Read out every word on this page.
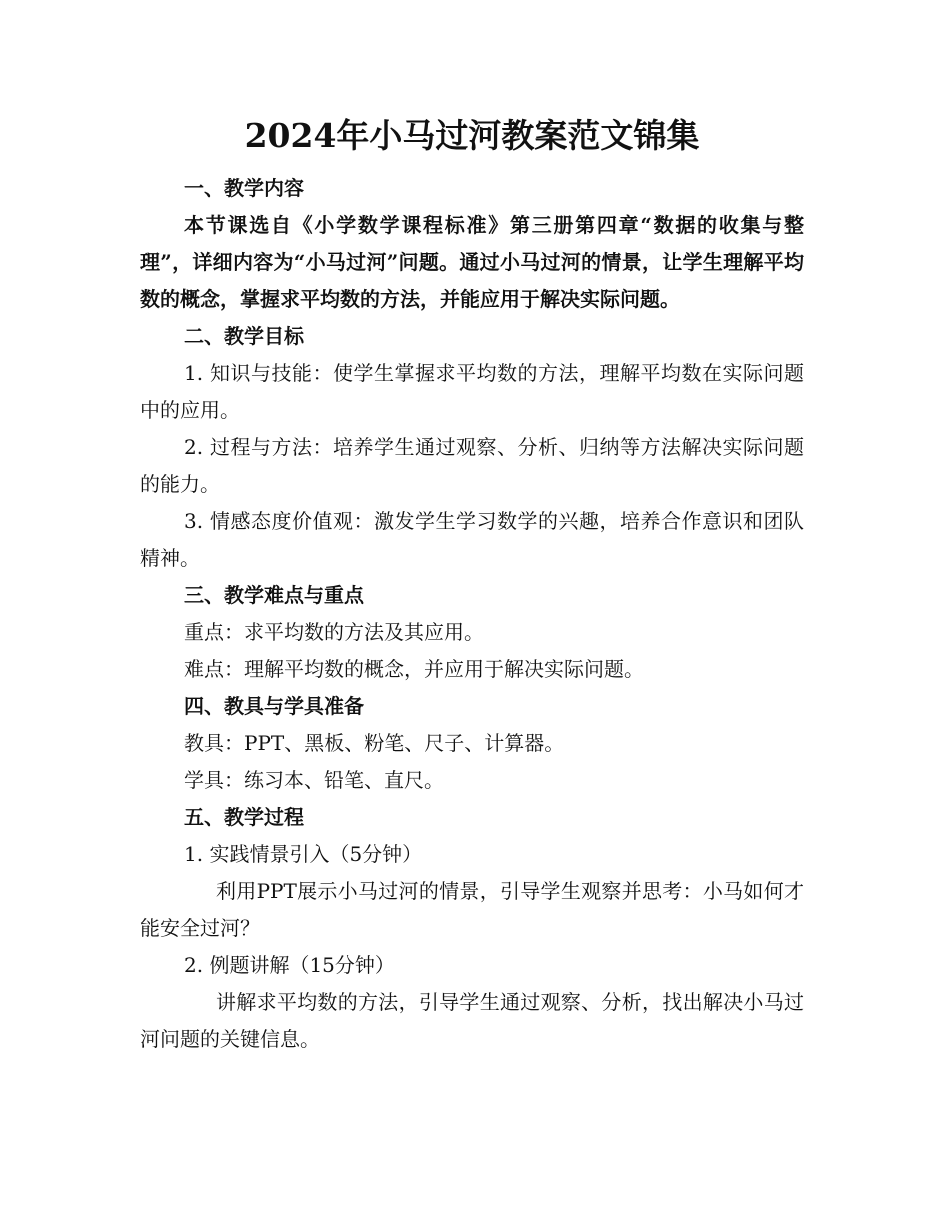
2024年小马过河教案范文锦集

一、教学内容

本节课选自《小学数学课程标准》第三册第四章“数据的收集与整理”，详细内容为“小马过河”问题。通过小马过河的情景，让学生理解平均数的概念，掌握求平均数的方法，并能应用于解决实际问题。

二、教学目标

1. 知识与技能：使学生掌握求平均数的方法，理解平均数在实际问题中的应用。

2. 过程与方法：培养学生通过观察、分析、归纳等方法解决实际问题的能力。

3. 情感态度价值观：激发学生学习数学的兴趣，培养合作意识和团队精神。

三、教学难点与重点

重点：求平均数的方法及其应用。

难点：理解平均数的概念，并应用于解决实际问题。

四、教具与学具准备

教具：PPT、黑板、粉笔、尺子、计算器。

学具：练习本、铅笔、直尺。

五、教学过程

1. 实践情景引入（5分钟）

利用PPT展示小马过河的情景，引导学生观察并思考：小马如何才能安全过河？

2. 例题讲解（15分钟）

讲解求平均数的方法，引导学生通过观察、分析，找出解决小马过河问题的关键信息。
